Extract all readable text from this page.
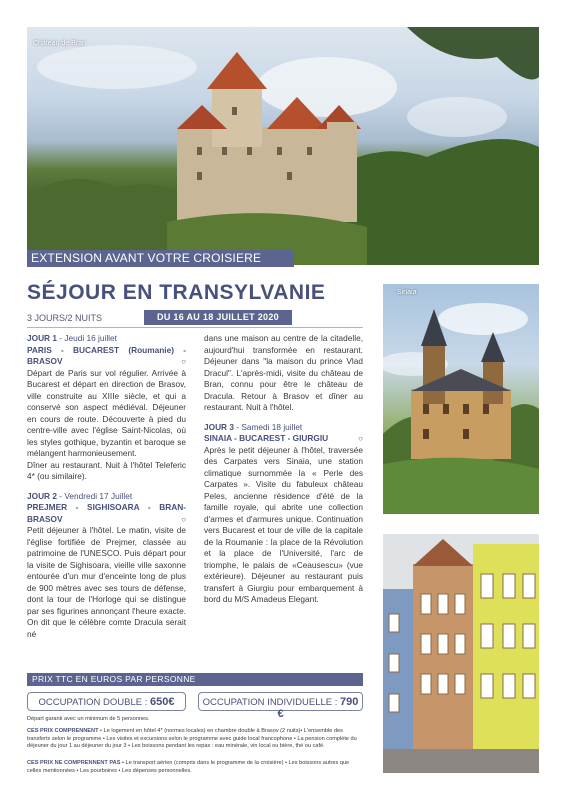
Château de Bran
EXTENSION AVANT VOTRE CROISIERE
SÉJOUR EN TRANSYLVANIE
3 JOURS/2 NUITS	DU 16 AU 18 JUILLET 2020
JOUR 1 - Jeudi 16 juillet
PARIS - BUCAREST (Roumanie) - BRASOV	○

Départ de Paris sur vol régulier. Arrivée à Bucarest et départ en direction de Brasov, ville construite au XIIIe siècle, et qui a conservé son aspect médiéval. Déjeuner en cours de route. Découverte à pied du centre-ville avec l'église Saint-Nicolas, où les styles gothique, byzantin et baroque se mélangent harmonieusement.

Dîner au restaurant. Nuit à l'hôtel Teleferic 4* (ou similaire).

JOUR 2 - Vendredi 17 Juillet
PREJMER - SIGHISOARA - BRAN-BRASOV	○

Petit déjeuner à l'hôtel. Le matin, visite de l'église fortifiée de Prejmer, classée au patrimoine de l'UNESCO. Puis départ pour la visite de Sighisoara, vieille ville saxonne entourée d'un mur d'enceinte long de plus de 900 mètres avec ses tours de défense, dont la tour de l'Horloge qui se distingue par ses figurines annonçant l'heure exacte. On dit que le célèbre comte Dracula serait né

dans une maison au centre de la citadelle, aujourd'hui transformée en restaurant. Déjeuner dans "la maison du prince Vlad Dracul". L'après-midi, visite du château de Bran, connu pour être le château de Dracula. Retour à Brasov et dîner au restaurant. Nuit à l'hôtel.

JOUR 3 - Samedi 18 juillet
SINAIA - BUCAREST - GIURGIU	○

Après le petit déjeuner à l'hôtel, traversée des Carpates vers Sinaia, une station climatique surnommée la « Perle des Carpates ». Visite du fabuleux château Peles, ancienne résidence d'été de la famille royale, qui abrite une collection d'armes et d'armures unique. Continuation vers Bucarest et tour de ville de la capitale de la Roumanie : la place de la Révolution et la place de l'Université, l'arc de triomphe, le palais de «Ceausescu» (vue extérieure). Déjeuner au restaurant puis transfert à Giurgiu pour embarquement à bord du M/S Amadeus Elegant.

PRIX TTC EN EUROS PAR PERSONNE
OCCUPATION DOUBLE : 650€	OCCUPATION INDIVIDUELLE : 790 €
Départ garanti avec un minimum de 5 personnes.
CES PRIX COMPRENNENT • Le logement en hôtel 4* (normes locales) en chambre double à Brasov (2 nuits)• L'ensemble des transferts selon le programme • Les visites et excursions selon le programme avec guide local francophone • La pension complète du déjeuner du jour 1 au déjeuner du jour 3 • Les boissons pendant les repas : eau minérale, vin local ou bière, thé ou café.
CES PRIX NE COMPRENNENT PAS • Le transport aérien (compris dans le programme de la croisière) • Les boissons autres que celles mentionnées • Les pourboires • Les dépenses personnelles.
Sinaia
